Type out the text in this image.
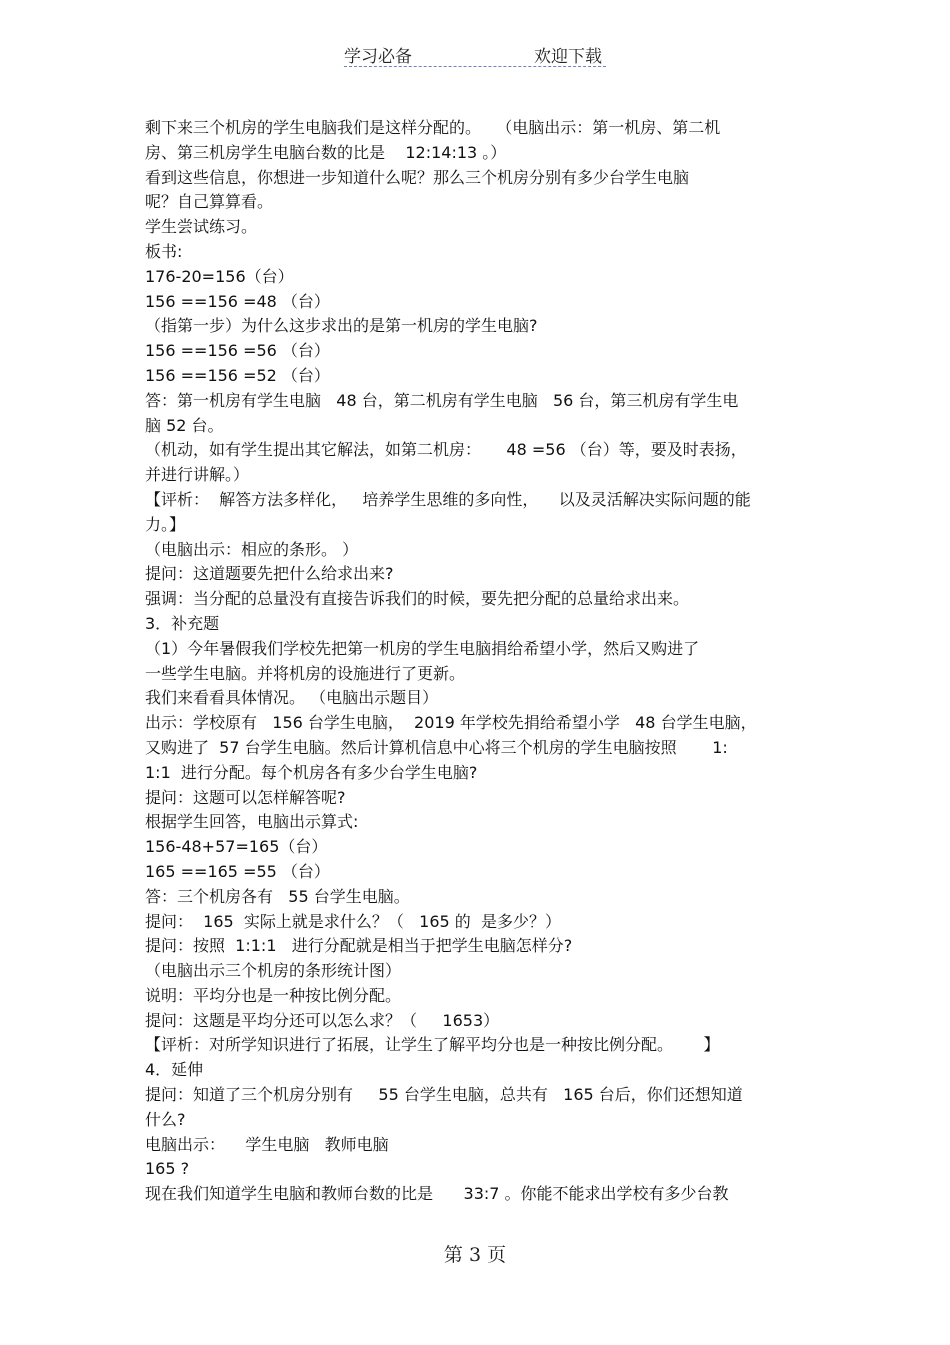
学习必备	欢迎下载
剩下来三个机房的学生电脑我们是这样分配的。   （电脑出示：第一机房、第二机
房、第三机房学生电脑台数的比是    12:14:13 。）
看到这些信息，你想进一步知道什么呢？那么三个机房分别有多少台学生电脑
呢？自己算算看。
学生尝试练习。
板书:
176-20=156（台）
156 ==156 =48 （台）
（指第一步）为什么这步求出的是第一机房的学生电脑?
156 ==156 =56 （台）
156 ==156 =52 （台）
答：第一机房有学生电脑   48 台，第二机房有学生电脑   56 台，第三机房有学生电
脑 52 台。
（机动，如有学生提出其它解法，如第二机房：     48 =56 （台）等，要及时表扬，
并进行讲解。）
【评析：  解答方法多样化，   培养学生思维的多向性，    以及灵活解决实际问题的能
力。】
（电脑出示：相应的条形。 ）
提问：这道题要先把什么给求出来?
强调：当分配的总量没有直接告诉我们的时候，要先把分配的总量给求出来。
3．补充题
（1）今年暑假我们学校先把第一机房的学生电脑捐给希望小学，然后又购进了
一些学生电脑。并将机房的设施进行了更新。
我们来看看具体情况。 （电脑出示题目）
出示：学校原有   156 台学生电脑，  2019 年学校先捐给希望小学   48 台学生电脑，
又购进了  57 台学生电脑。然后计算机信息中心将三个机房的学生电脑按照       1:
1:1  进行分配。每个机房各有多少台学生电脑?
提问：这题可以怎样解答呢?
根据学生回答，电脑出示算式:
156-48+57=165（台）
165 ==165 =55 （台）
答：三个机房各有   55 台学生电脑。
提问：  165  实际上就是求什么？（   165 的  是多少？）
提问：按照  1:1:1   进行分配就是相当于把学生电脑怎样分?
（电脑出示三个机房的条形统计图）
说明：平均分也是一种按比例分配。
提问：这题是平均分还可以怎么求？（     1653）
【评析：对所学知识进行了拓展，让学生了解平均分也是一种按比例分配。      】
4．延伸
提问：知道了三个机房分别有     55 台学生电脑，总共有   165 台后，你们还想知道
什么?
电脑出示：    学生电脑   教师电脑
165 ?
现在我们知道学生电脑和教师台数的比是      33:7 。你能不能求出学校有多少台教
第 3 页
